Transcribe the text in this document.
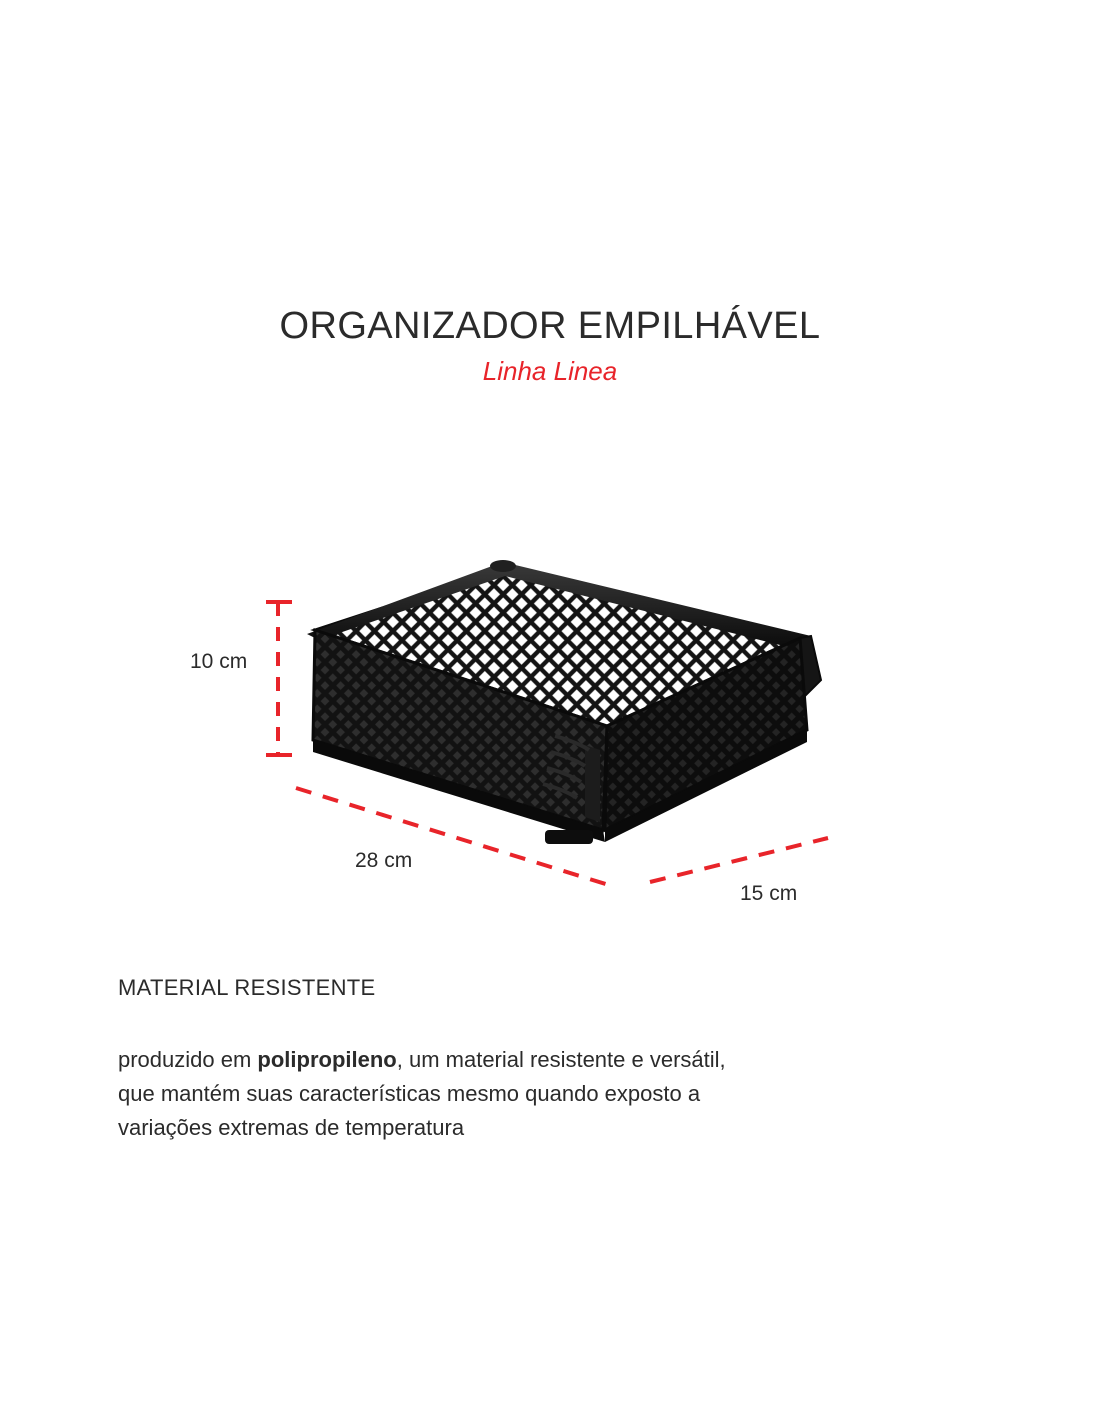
ORGANIZADOR EMPILHÁVEL

Linha Linea

10 cm
28 cm
15 cm
MATERIAL RESISTENTE

produzido em polipropileno, um material resistente e versátil, que mantém suas características mesmo quando exposto a variações extremas de temperatura
